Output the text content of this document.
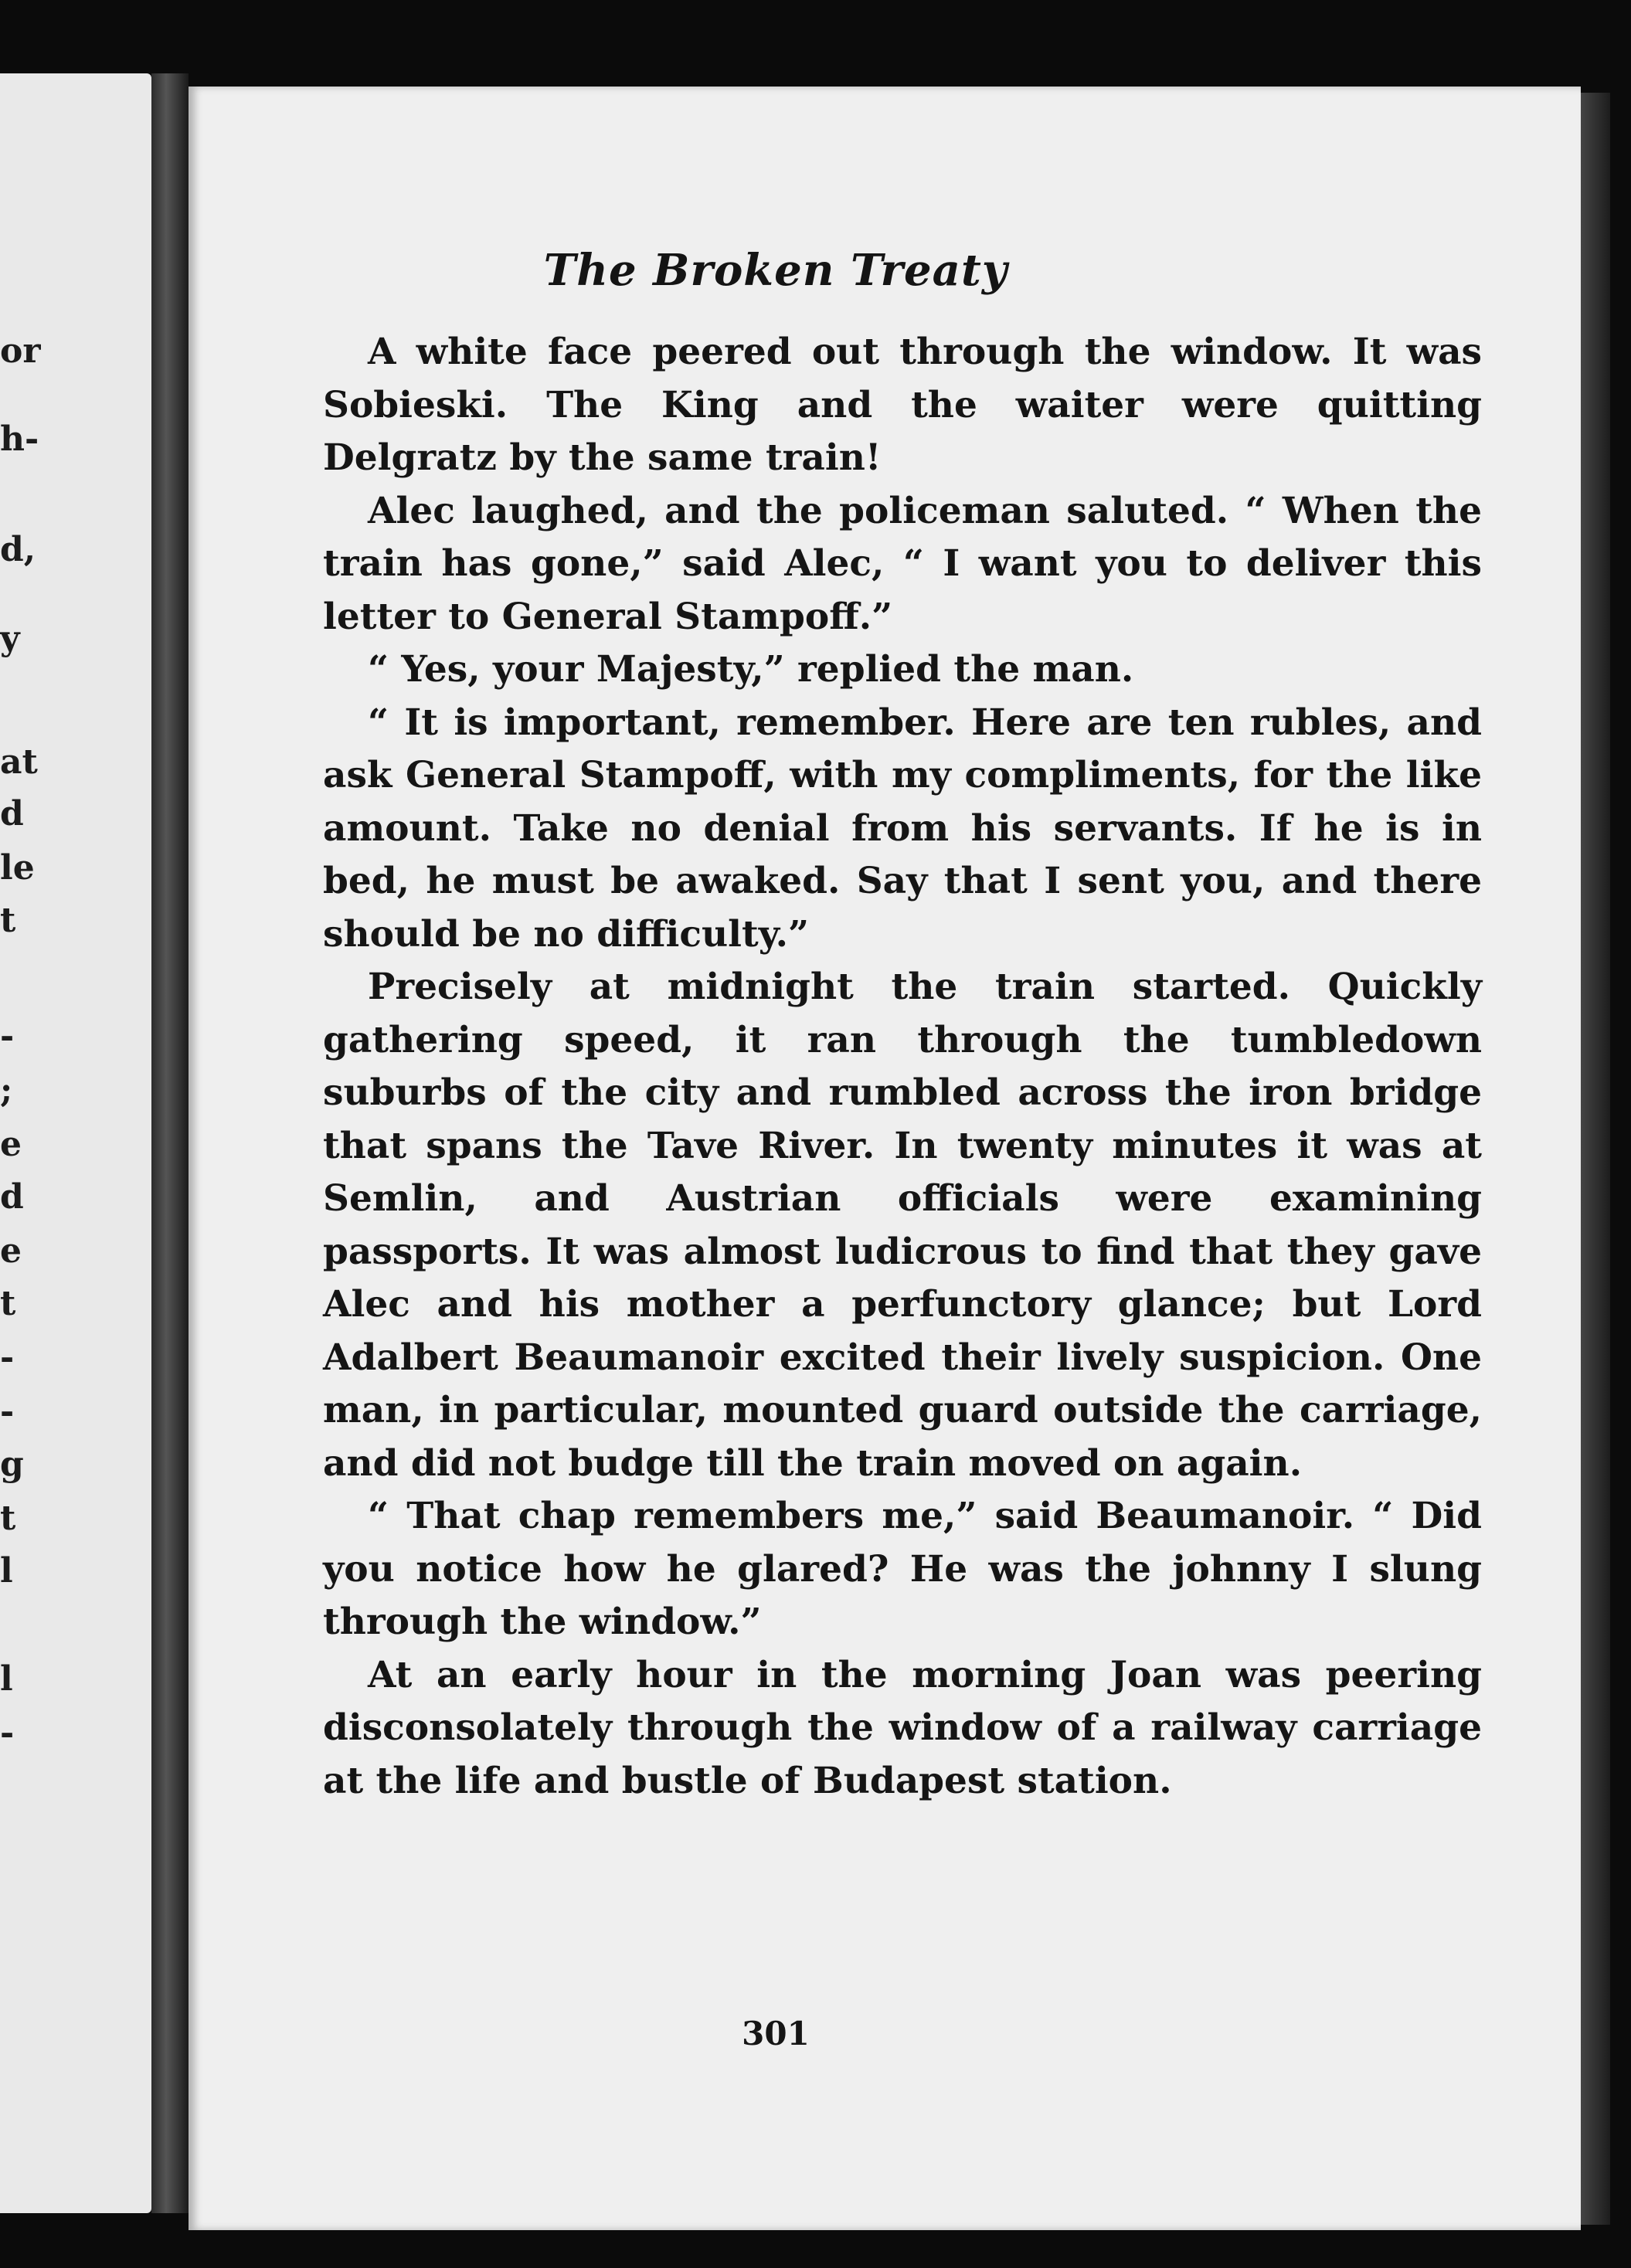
or

h-

d,

y

at

d

le

t

-

;

e

d

e

t

-

-

g

t

l

l

-

The Broken Treaty

A white face peered out through the window. It was Sobieski. The King and the waiter were quitting Delgratz by the same train!

Alec laughed, and the policeman saluted. “ When the train has gone,” said Alec, “ I want you to deliver this letter to General Stampoff.”

“ Yes, your Majesty,” replied the man.

“ It is important, remember. Here are ten rubles, and ask General Stampoff, with my compliments, for the like amount. Take no denial from his servants. If he is in bed, he must be awaked. Say that I sent you, and there should be no difficulty.”

Precisely at midnight the train started. Quickly gathering speed, it ran through the tumbledown suburbs of the city and rumbled across the iron bridge that spans the Tave River. In twenty minutes it was at Semlin, and Austrian officials were examining passports. It was almost ludicrous to find that they gave Alec and his mother a perfunctory glance; but Lord Adalbert Beaumanoir excited their lively suspicion. One man, in particular, mounted guard outside the carriage, and did not budge till the train moved on again.

“ That chap remembers me,” said Beaumanoir. “ Did you notice how he glared? He was the johnny I slung through the window.”

At an early hour in the morning Joan was peering disconsolately through the window of a railway carriage at the life and bustle of Budapest station.

301
